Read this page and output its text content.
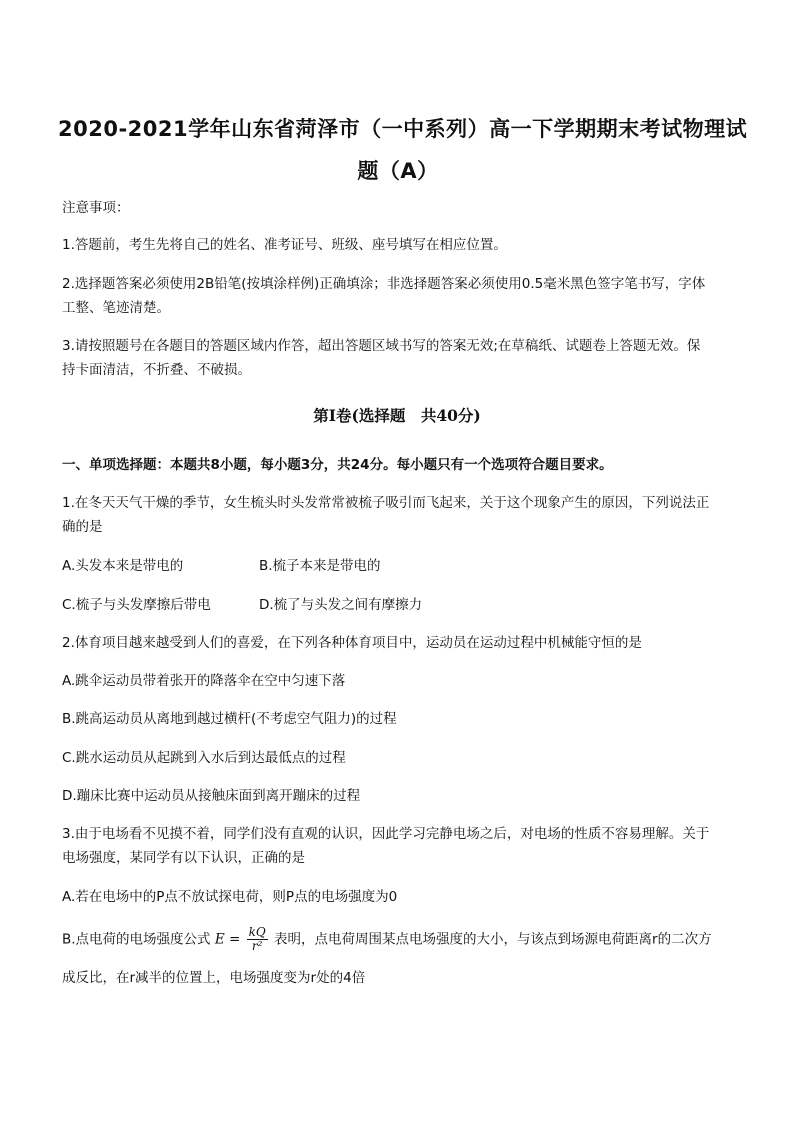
2020-2021学年山东省菏泽市（一中系列）高一下学期期末考试物理试
题（A）
注意事项：
1.答题前，考生先将自己的姓名、准考证号、班级、座号填写在相应位置。
2.选择题答案必须使用2B铅笔(按填涂样例)正确填涂；非选择题答案必须使用0.5毫米黑色签字笔书写，字体
工整、笔迹清楚。
3.请按照题号在各题目的答题区域内作答，超出答题区域书写的答案无效;在草稿纸、试题卷上答题无效。保
持卡面清洁，不折叠、不破损。
第Ⅰ卷(选择题　共40分)
一、单项选择题：本题共8小题，每小题3分，共24分。每小题只有一个选项符合题目要求。
1.在冬天天气干燥的季节，女生梳头时头发常常被梳子吸引而飞起来，关于这个现象产生的原因，下列说法正
确的是
A.头发本来是带电的	B.梳子本来是带电的
C.梳子与头发摩擦后带电	D.梳了与头发之间有摩擦力
2.体育项目越来越受到人们的喜爱，在下列各种体育项目中，运动员在运动过程中机械能守恒的是
A.跳伞运动员带着张开的降落伞在空中匀速下落
B.跳高运动员从离地到越过横杆(不考虑空气阻力)的过程
C.跳水运动员从起跳到入水后到达最低点的过程
D.蹦床比赛中运动员从接触床面到离开蹦床的过程
3.由于电场看不见摸不着，同学们没有直观的认识，因此学习完静电场之后，对电场的性质不容易理解。关于
电场强度，某同学有以下认识，正确的是
A.若在电场中的P点不放试探电荷，则P点的电场强度为0
B.点电荷的电场强度公式 $E = \frac{kQ}{\text{r²}}$ 表明，点电荷周围某点电场强度的大小，与该点到场源电荷距离r的二次方
成反比，在r减半的位置上，电场强度变为r处的4倍
